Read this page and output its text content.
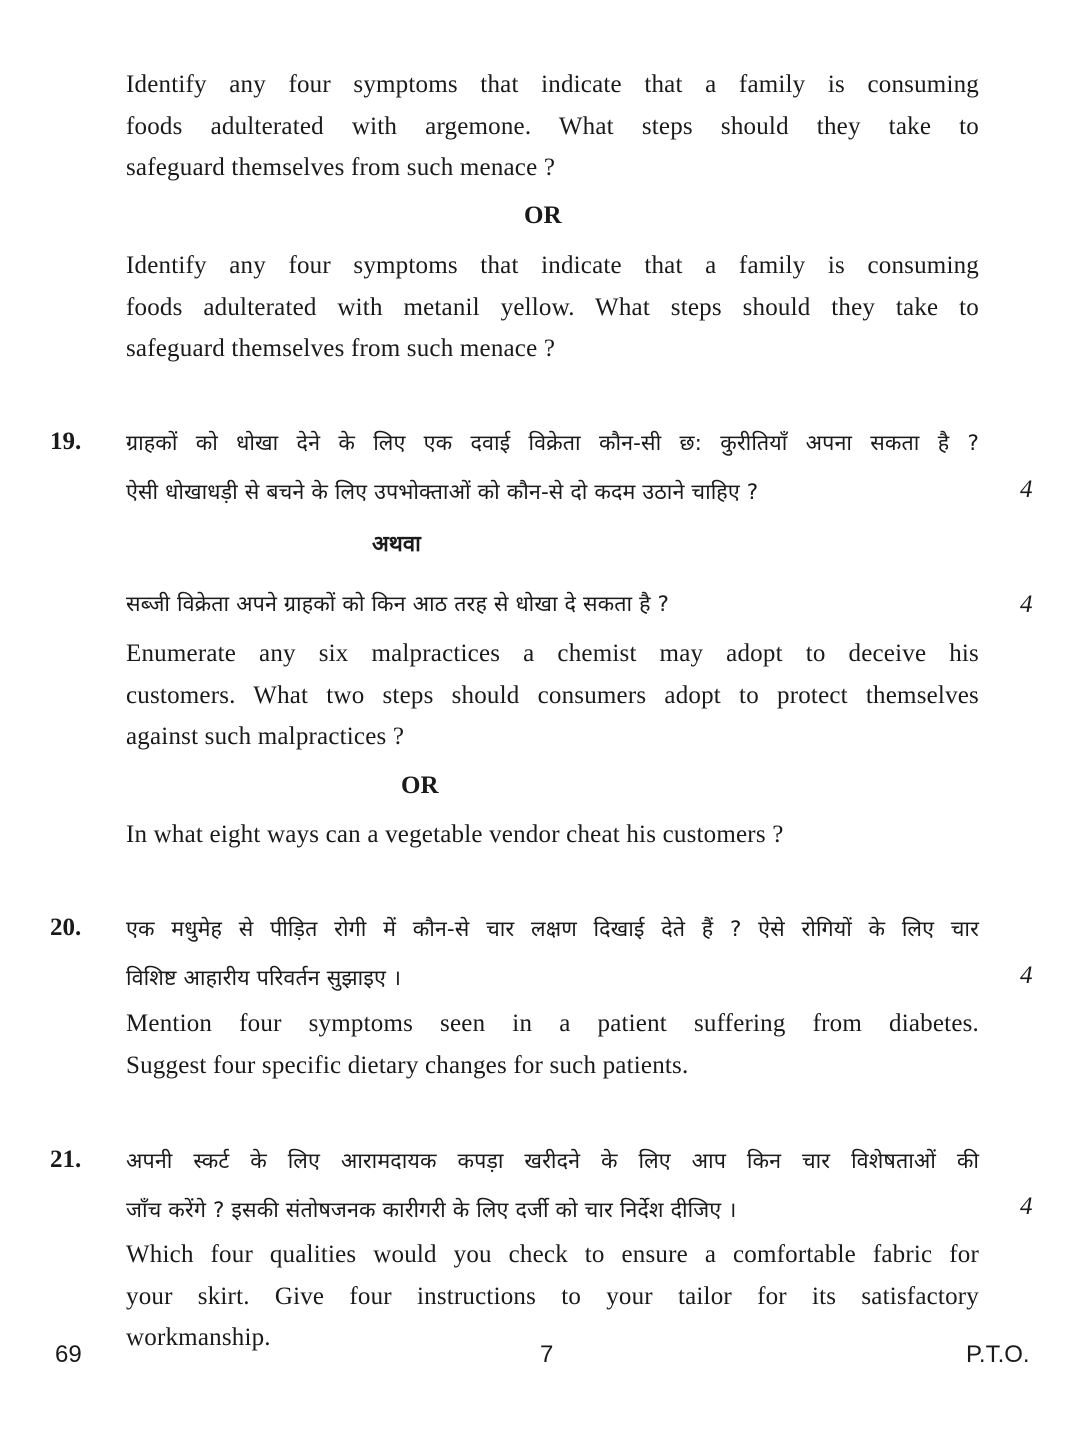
Identify any four symptoms that indicate that a family is consuming
foods adulterated with argemone. What steps should they take to
safeguard themselves from such menace ?
OR
Identify any four symptoms that indicate that a family is consuming
foods adulterated with metanil yellow. What steps should they take to
safeguard themselves from such menace ?
19. ग्राहकों को धोखा देने के लिए एक दवाई विक्रेता कौन-सी छ: कुरीतियाँ अपना सकता है ?
ऐसी धोखाधड़ी से बचने के लिए उपभोक्ताओं को कौन-से दो कदम उठाने चाहिए ?	4
अथवा
सब्जी विक्रेता अपने ग्राहकों को किन आठ तरह से धोखा दे सकता है ?	4
Enumerate any six malpractices a chemist may adopt to deceive his
customers. What two steps should consumers adopt to protect themselves
against such malpractices ?
OR
In what eight ways can a vegetable vendor cheat his customers ?
20. एक मधुमेह से पीड़ित रोगी में कौन-से चार लक्षण दिखाई देते हैं ? ऐसे रोगियों के लिए चार
विशिष्ट आहारीय परिवर्तन सुझाइए ।	4
Mention four symptoms seen in a patient suffering from diabetes.
Suggest four specific dietary changes for such patients.
21. अपनी स्कर्ट के लिए आरामदायक कपड़ा खरीदने के लिए आप किन चार विशेषताओं की
जाँच करेंगे ? इसकी संतोषजनक कारीगरी के लिए दर्जी को चार निर्देश दीजिए ।	4
Which four qualities would you check to ensure a comfortable fabric for
your skirt. Give four instructions to your tailor for its satisfactory
workmanship.
69	7	P.T.O.
